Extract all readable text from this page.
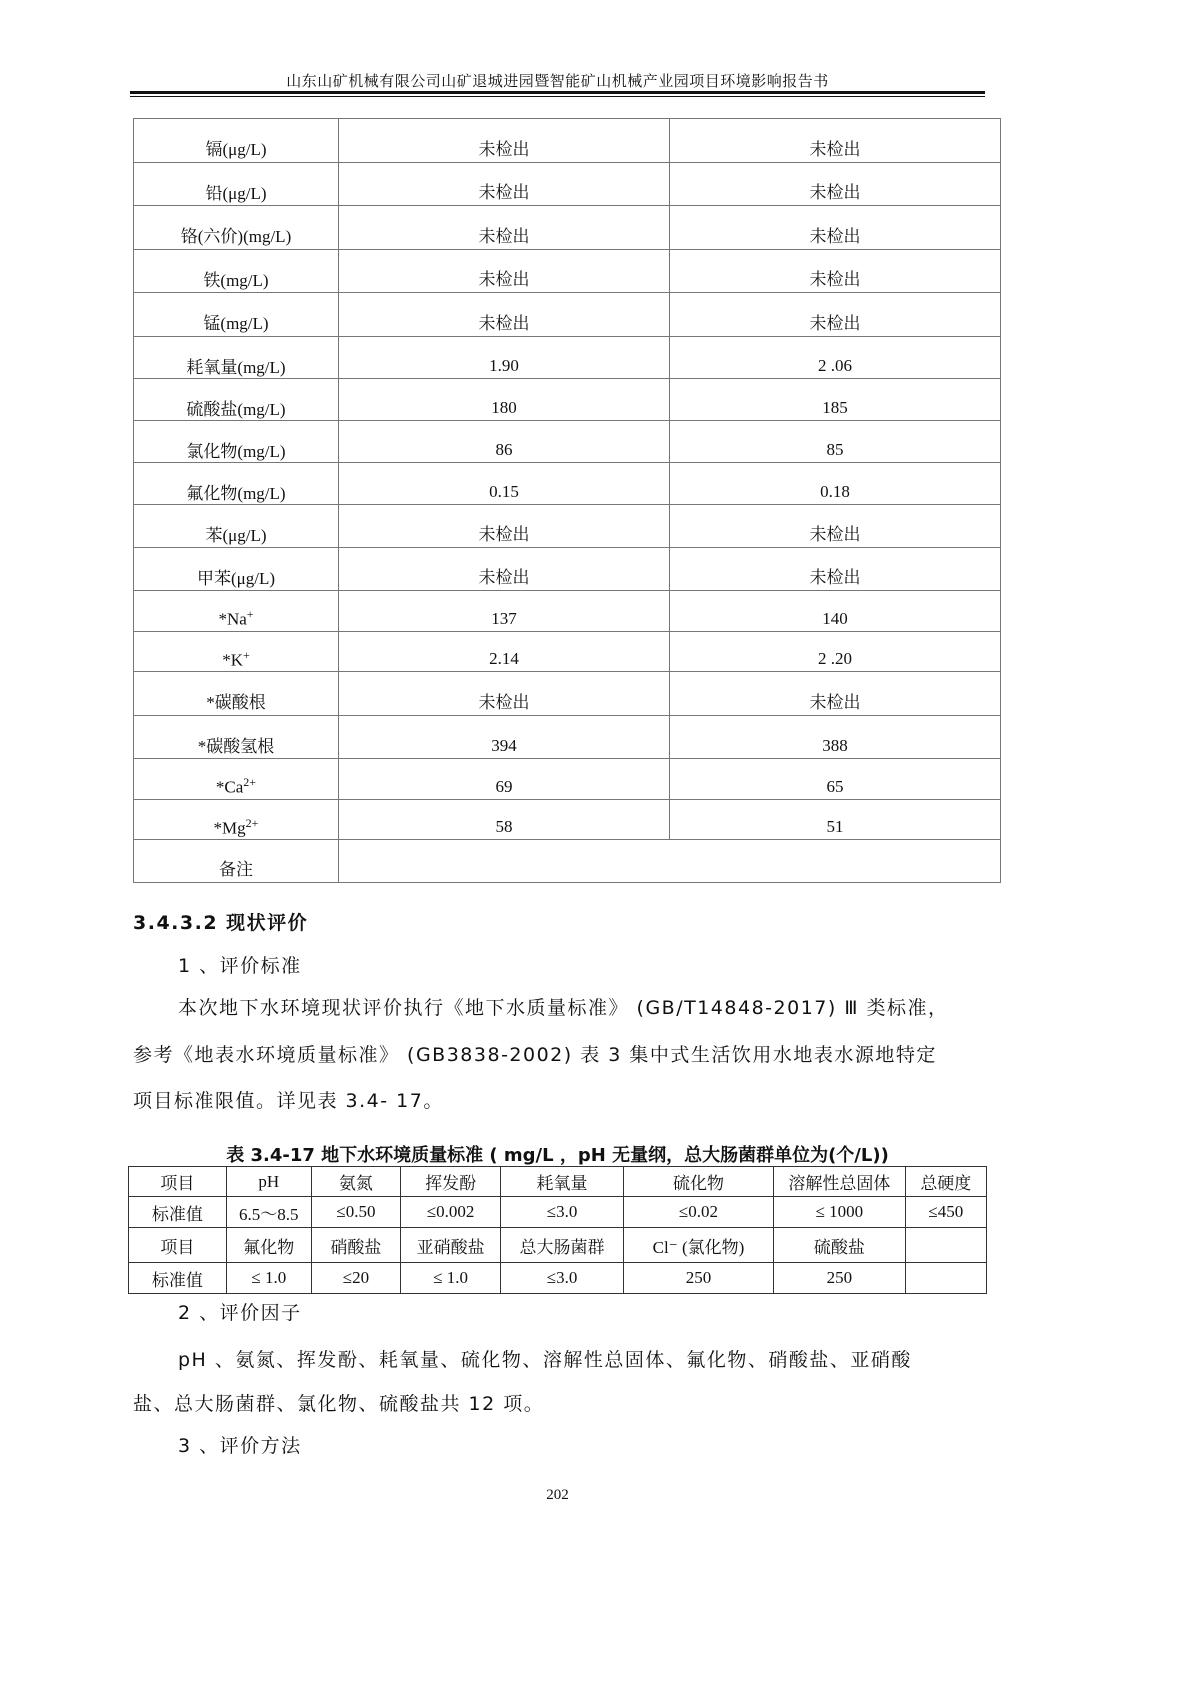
山东山矿机械有限公司山矿退城进园暨智能矿山机械产业园项目环境影响报告书
镉(μg/L)	未检出	未检出
铅(μg/L)	未检出	未检出
铬(六价)(mg/L)	未检出	未检出
铁(mg/L)	未检出	未检出
锰(mg/L)	未检出	未检出
耗氧量(mg/L)	1.90	2 .06
硫酸盐(mg/L)	180	185
氯化物(mg/L)	86	85
氟化物(mg/L)	0.15	0.18
苯(μg/L)	未检出	未检出
甲苯(μg/L)	未检出	未检出
*Na+	137	140
*K+	2.14	2 .20
*碳酸根	未检出	未检出
*碳酸氢根	394	388
$*Ca^{2+}$	69	65
$*Mg^{2+}$	58	51
备注		
3.4.3.2 现状评价
1 、评价标准
本次地下水环境现状评价执行《地下水质量标准》 (GB/T14848-2017) Ⅲ 类标准，
参考《地表水环境质量标准》 (GB3838-2002) 表 3 集中式生活饮用水地表水源地特定
项目标准限值。详见表 3.4- 17。
表 3.4-17 地下水环境质量标准 ( mg/L ，pH 无量纲，总大肠菌群单位为(个/L))
项目	pH	氨氮	挥发酚	耗氧量	硫化物	溶解性总固体	总硬度
标准值	6.5～8.5	≤0.50	≤0.002	≤3.0	≤0.02	≤ 1000	≤450
项目	氟化物	硝酸盐	亚硝酸盐	总大肠菌群	Cl⁻ (氯化物)	硫酸盐	
标准值	≤ 1.0	≤20	≤ 1.0	≤3.0	250	250	
2 、评价因子
pH 、氨氮、挥发酚、耗氧量、硫化物、溶解性总固体、氟化物、硝酸盐、亚硝酸
盐、总大肠菌群、氯化物、硫酸盐共 12 项。
3 、评价方法
202
